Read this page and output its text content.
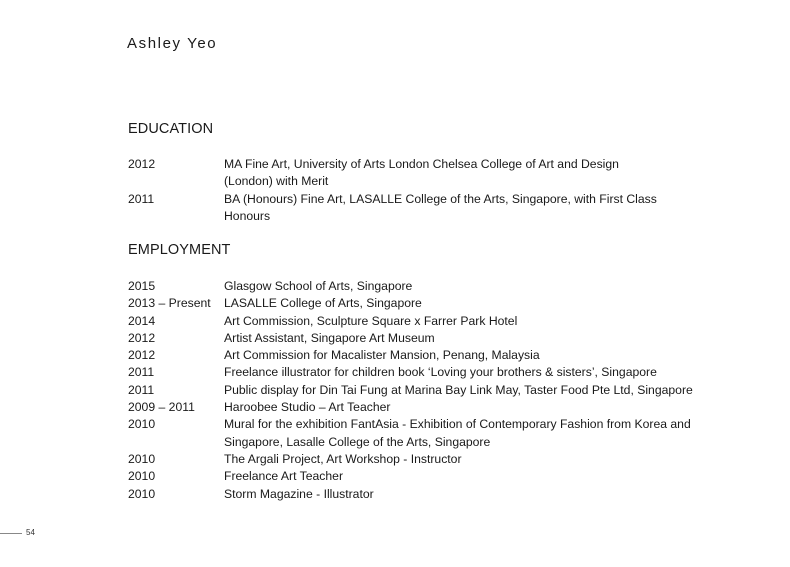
Ashley Yeo
EDUCATION
2012	MA Fine Art, University of Arts London Chelsea College of Art and Design (London) with Merit
2011	BA (Honours) Fine Art, LASALLE College of the Arts, Singapore, with First Class Honours
EMPLOYMENT
2015	Glasgow School of Arts, Singapore
2013 – Present	LASALLE College of Arts, Singapore
2014	Art Commission, Sculpture Square x Farrer Park Hotel
2012	Artist Assistant, Singapore Art Museum
2012	Art Commission for Macalister Mansion, Penang, Malaysia
2011	Freelance illustrator for children book ‘Loving your brothers & sisters’, Singapore
2011	Public display for Din Tai Fung at Marina Bay Link May, Taster Food Pte Ltd, Singapore
2009 – 2011	Haroobee Studio – Art Teacher
2010	Mural for the exhibition FantAsia - Exhibition of Contemporary Fashion from Korea and Singapore, Lasalle College of the Arts, Singapore
2010	The Argali Project, Art Workshop - Instructor
2010	Freelance Art Teacher
2010	Storm Magazine - Illustrator
54
